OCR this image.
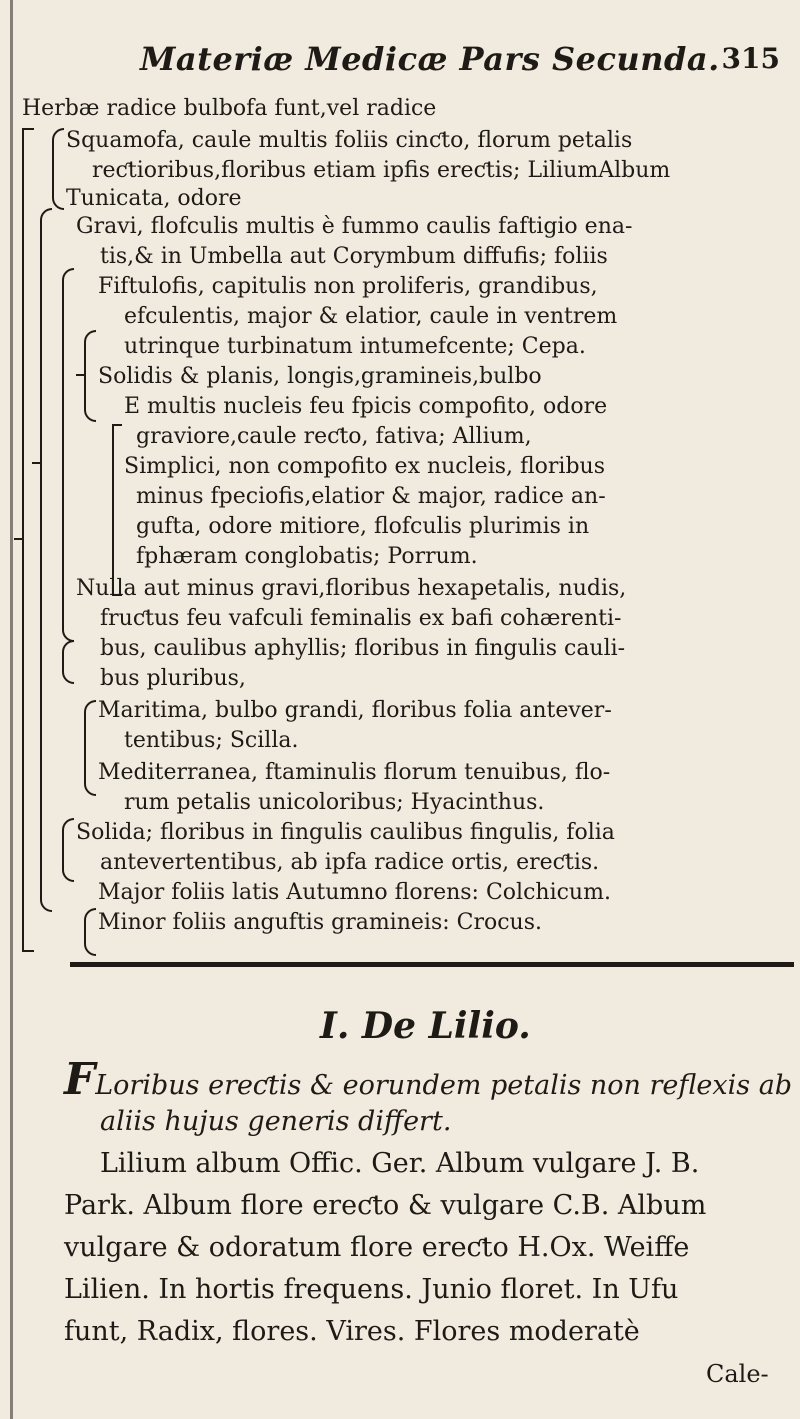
Materiæ Medicæ Pars Secunda. 315
Herbæ radice bulbofa funt,vel radice
Squamofa, caule multis foliis cinƈto, florum petalis
reƈtioribus,floribus etiam ipfis ereƈtis; LiliumAlbum
Tunicata, odore
Gravi, flofculis multis è fummo caulis faftigio ena-
tis,& in Umbella aut Corymbum diffufis; foliis
Fiftulofis, capitulis non proliferis, grandibus,
efculentis, major & elatior, caule in ventrem
utrinque turbinatum intumefcente; Cepa.
Solidis & planis, longis,gramineis,bulbo
E multis nucleis feu fpicis compofito, odore
graviore,caule reƈto, fativa; Allium,
Simplici, non compofito ex nucleis, floribus
minus fpeciofis,elatior & major, radice an-
gufta, odore mitiore, flofculis plurimis in
fphæram conglobatis; Porrum.
Nulla aut minus gravi,floribus hexapetalis, nudis,
fruƈtus feu vafculi feminalis ex bafi cohærenti-
bus, caulibus aphyllis; floribus in fingulis cauli-
bus pluribus,
Maritima, bulbo grandi, floribus folia antever-
tentibus; Scilla.
Mediterranea, ftaminulis florum tenuibus, flo-
rum petalis unicoloribus; Hyacinthus.
Solida; floribus in fingulis caulibus fingulis, folia
antevertentibus, ab ipfa radice ortis, ereƈtis.
Major foliis latis Autumno florens: Colchicum.
Minor foliis anguftis gramineis: Crocus.
I. De Lilio.
FLoribus ereƈtis & eorundem petalis non reflexis ab
aliis hujus generis differt.
Lilium album Offic. Ger. Album vulgare J. B.
Park. Album flore ereƈto & vulgare C.B. Album
vulgare & odoratum flore ereƈto H.Ox. Weiffe
Lilien. In hortis frequens. Junio floret. In Ufu
funt, Radix, flores. Vires. Flores moderatè
Cale-
